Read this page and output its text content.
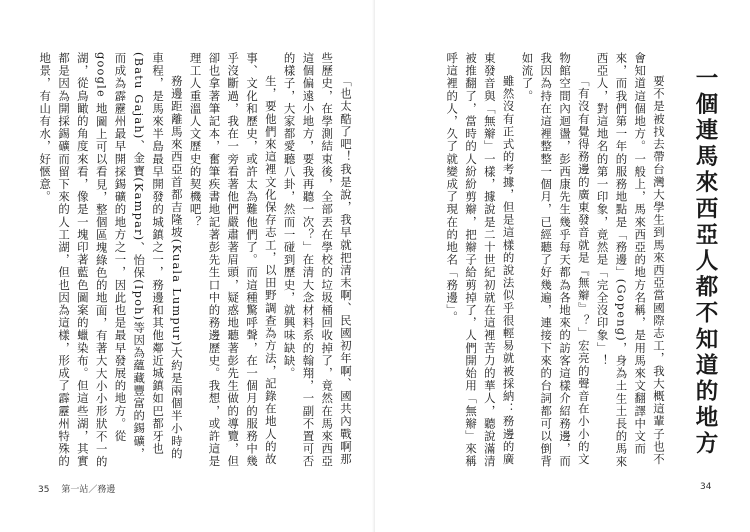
「也太酷了吧！我是說，我早就把清末啊、民國初年啊、國共內戰啊那些歷史，在學測結束後，全部丟在學校的垃圾桶回收掉了，竟然在馬來西亞這個偏遠小地方，要我再聽一次？」在清大念材料系的翰翔，一副不置可否的樣子，大家都愛聽八卦，然而一碰到歷史，就興味缺缺。

生，要他們來這裡文化保存志工，以田野調查為方法，記錄在地人的故事、文化和歷史，或許太為難他們了。而這種驚呼聲，在一個月的服務中幾乎沒斷過，我在一旁看著他們嚴肅著眉頭，疑惑地聽著彭先生做的導覽，但卻也拿著筆記本，奮筆疾書地記著彭先生口中的務邊歷史。我想，或許這是理工人重溫人文歷史的契機吧？

務邊距離馬來西亞首都吉隆坡(Kuala Lumpur)大約是兩個半小時的車程，是馬來半島最早開發的城鎮之一，務邊和其他鄰近城鎮如巴都牙也(Batu Gajah)、金寶(Kampar)、怡保(Ipoh)等因為蘊藏豐富的錫礦，而成為霹靂州最早開採錫礦的地方之一，因此也是最早發展的地方。從 google 地圖上可以看見，整個區塊綠色的地面，有著大大小小形狀不一的湖，從鳥瞰的角度來看，像是一塊印著藍色圖案的蠟染布。但這些湖，其實都是因為開採錫礦而留下來的人工湖，但也因為這樣，形成了霹靂州特殊的地景，有山有水，好愜意。

35 第一站／務邊
一個連馬來西亞人都不知道的地方

要不是被找去帶台灣大學生到馬來西亞當國際志工，我大概這輩子也不會知道這個地方。一般上，馬來西亞的地方名稱，是用馬來文翻譯中文而來，而我們第一年的服務地點是「務邊」(Gopeng)，身為土生土長的馬來西亞人，對這地名的第一印象，竟然是「完全沒印象」！

「有沒有覺得務邊的廣東發音就是『無辮』？」宏亮的聲音在小小的文物館空間內迴盪，彭西康先生幾乎每天都為各地來的訪客這樣介紹務邊，而我因為持在這裡整整一個月，已經聽了好幾遍，連接下來的台詞都可以倒背如流了。

雖然沒有正式的考據，但是這樣的說法似乎很輕易就被採納：務邊的廣東發音與「無辮」一樣，據說是二十世紀初就在這裡苦力的華人，聽說滿清被推翻了，當時的人紛紛剪辮，把辮子給剪掉了，人們開始用「無辮」來稱呼這裡的人，久了就變成了現在的地名「務邊」。

34
